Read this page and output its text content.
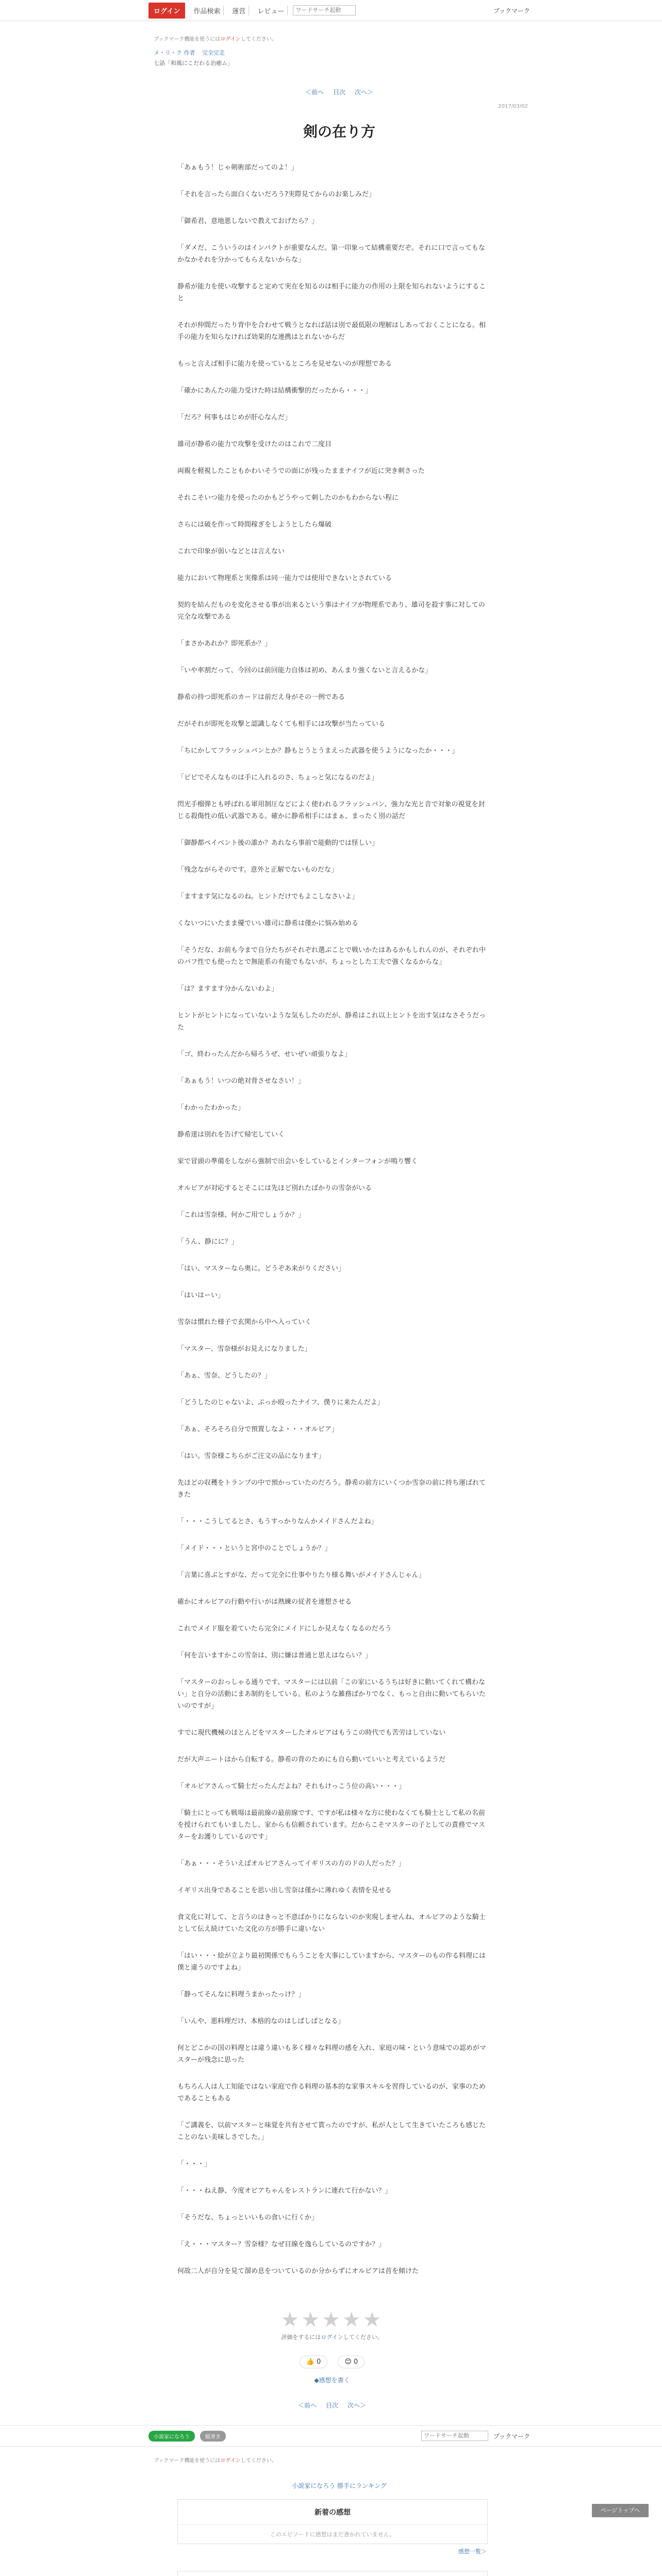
ログイン	作品検索	運営	レビュー
ワードサーチ起動	ブックマーク
ブックマーク機能を使うにはログインしてください。
メ・リ・ク 作者 完全完走
七話「和風にこだわる治癒ム」
＜前へ 目次 次へ＞
2017/03/02
剣の在り方

「あぁもう！じゃ剣術部だってのよ！」

「それを言ったら面白くないだろう?実際見てからのお楽しみだ」

「御希君、意地悪しないで教えておげたら？」

「ダメだ、こういうのはインパクトが重要なんだ。第一印象って結構重要だぞ。それに口で言ってもなかなかそれを分かってもらえないからな」

静希が能力を使い攻撃すると定めて実在を知るのは相手に能力の作用の上限を知られないようにすること

それが仲間だったり背中を合わせて戦うとなれば話は別で最低限の理解はしあっておくことになる。相手の能力を知らなければ効果的な連携はとれないからだ

もっと言えば相手に能力を使っているところを見せないのが理想である

「確かにあんたの能力受けた時は結構衝撃的だったから・・・」

「だろ？何事もはじめが肝心なんだ」

雄司が静希の能力で攻撃を受けたのはこれで二度目

両親を軽視したこともかわいそうでの面にが残ったままナイフが近に突き刺さった

それこそいつ能力を使ったのかもどうやって刺したのかもわからない程に

さらには破を作って時間稼ぎをしようとしたら爆破

これで印象が弱いなどとは言えない

能力において物理系と実像系は同一能力では使用できないとされている

契約を結んだものを変化させる事が出来るという事はナイフが物理系であり、雄司を殺す事に対しての完全な攻撃である

「まさかあれか？即死系か？」

「いや率割だって、今回のは前回能力自体は初め、あんまり強くないと言えるかな」

静希の持つ即死系のカードは前だえ身がその一例である

だがそれが即死を攻撃と認識しなくても相手には攻撃が当たっている

「ちにかしてフラッシュバンとか？静もとうとうまえった武器を使うようになったか・・・」

「ピピでそんなものは手に入れるのさ、ちょっと気になるのだよ」

閃光手榴弾とも呼ばれる軍用制圧などによく使われるフラッシュバン、強力な光と音で対象の視覚を封じる殺傷性の低い武器である。確かに静希相手にはまぁ、まったく別の話だ

「御静都ペイベント後の誰か？あれなら事前で能動的では怪しい」

「残念ながらそのです。意外と正解でないものだな」

「ますます気になるのね。ヒントだけでもよこしなさいよ」

くないつにいたまま優でいい雄司に静希は僅かに悩み始める

「そうだな、お前も今まで自分たちがそれぞれ選ぶことで戦いかたはあるかもしれんのが、それぞれ中のバフ性でも使ったとで無能系の有能でもないが、ちょっとした工夫で強くなるからな」

「は？ますます分かんないわよ」

ヒントがヒントになっていないような気もしたのだが、静希はこれ以上ヒントを出す気はなさそうだった

「ゴ、終わったんだから帰ろうぜ、せいぜい頑張りなよ」

「あぁもう！いつの絶対背させなさい！」

「わかったわかった」

静希達は別れを告げて帰宅していく

家で冒頭の準備をしながら強制で出会いをしているとインターフォンが鳴り響く

オルビアが対応するとそこには先ほど別れたばかりの雪奈がいる

「これは雪奈様、何かご用でしょうか？」

「うん、静にに？」

「はい、マスターなら奥に。どうぞあ来がりください」

「はいはーい」

雪奈は慣れた様子で玄関から中へ入っていく

「マスター、雪奈様がお見えになりました」

「あぁ、雪奈、どうしたの？」

「どうしたのじゃないよ、ぶっか殴ったナイフ、僕りに来たんだよ」

「あぁ、そろそろ自分で預置しなよ・・・オルビア」

「はい。雪奈様こちらがご注文の品になります」

先ほどの収穫をトランプの中で預かっていたのだろう。静希の前方にいくつか雪奈の前に持ち運ばれてきた

「・・・こうしてるとさ、もうすっかりなんかメイドさんだよね」

「メイド・・・というと宮中のことでしょうか？」

「言葉に喜ぶとすがな、だって完全に仕事やりたり様る舞いがメイドさんじゃん」

確かにオルビアの行動や行いがは熟練の従者を連想させる

これでメイド服を着ていたら完全にメイドにしか見えなくなるのだろう

「何を言いますかこの雪奈は、別に嫌は普通と思えはならい？」

「マスターのおっしゃる通りです、マスターには以前「この家にいるうちは好きに動いてくれて構わない」と自分の活動にまあ制約をしている。私のような雑務ばかりでなく、もっと自由に動いてもらいたいのですが」

すでに現代機械のほとんどをマスターしたオルビアはもうこの時代でも苦労はしていない

だが大声ニートはから自転する。静希の背のためにも自ら動いていいと考えているようだ

「オルビアさんって騎士だったんだよね？それもけっこう位の高い・・・」

「騎士にとっても戦場は最前線の最前線です、ですが私は様々な方に使わなくても騎士として私の名前を授けられてもいましたし、家からも信頼されています。だからこそマスターの子としての責務でマスターをお護りしているのです」

「あぁ・・・そういえばオルビアさんってイギリスの方のドの人だった？」

イギリス出身であることを思い出し雪奈は僅かに薄れゆく表情を見せる

食文化に対して、と言うのはきっと不意ばかりにならないのか実現しませんね、オルビアのような騎士として伝え続けていた文化の方が勝手に違いない

「はい・・・絵が立より最初関係でもらうことを大事にしていますから、マスターのもの作る料理には僕と違うのですよね」

「静ってそんなに料理うまかったっけ？」

「いんや、悪料理だけ、本格的なのはしばしばとなる」

何とどこかの国の料理とは違う違いも多く様々な料理の感を入れ、家庭の味・という意味での認めがマスターが残念に思った

もちろん人は人工知能ではない家庭で作る料理の基本的な家事スキルを習得しているのが、家事のためであることもある

「ご講義を、以前マスターと味覚を共有させて貰ったのですが、私が人として生きていたころも感じたことのない美味しさでした。」

「・・・」

「・・・ねえ静、今度オビアちゃんをレストランに連れて行かない？」

「そうだな、ちょっといいもの食いに行くか」

「え・・・マスター？雪奈様？なぜ目線を逸らしているのですか？」

何故二人が自分を見て溜め息をついているのか分からずにオルビアは首を傾けた

★★★★★
評価をするにはログインしてください。
👍 0	😊 0
◆感想を書く
＜前へ 目次 次へ＞
小説家になろう	縦書き
ワードサーチ起動	ブックマーク
ブックマーク機能を使うにはログインしてください。
小説家になろう 勝手にランキング
新着の感想
このエピソードに感想はまだ書かれていません。
感想一覧＞
ページトップへ
